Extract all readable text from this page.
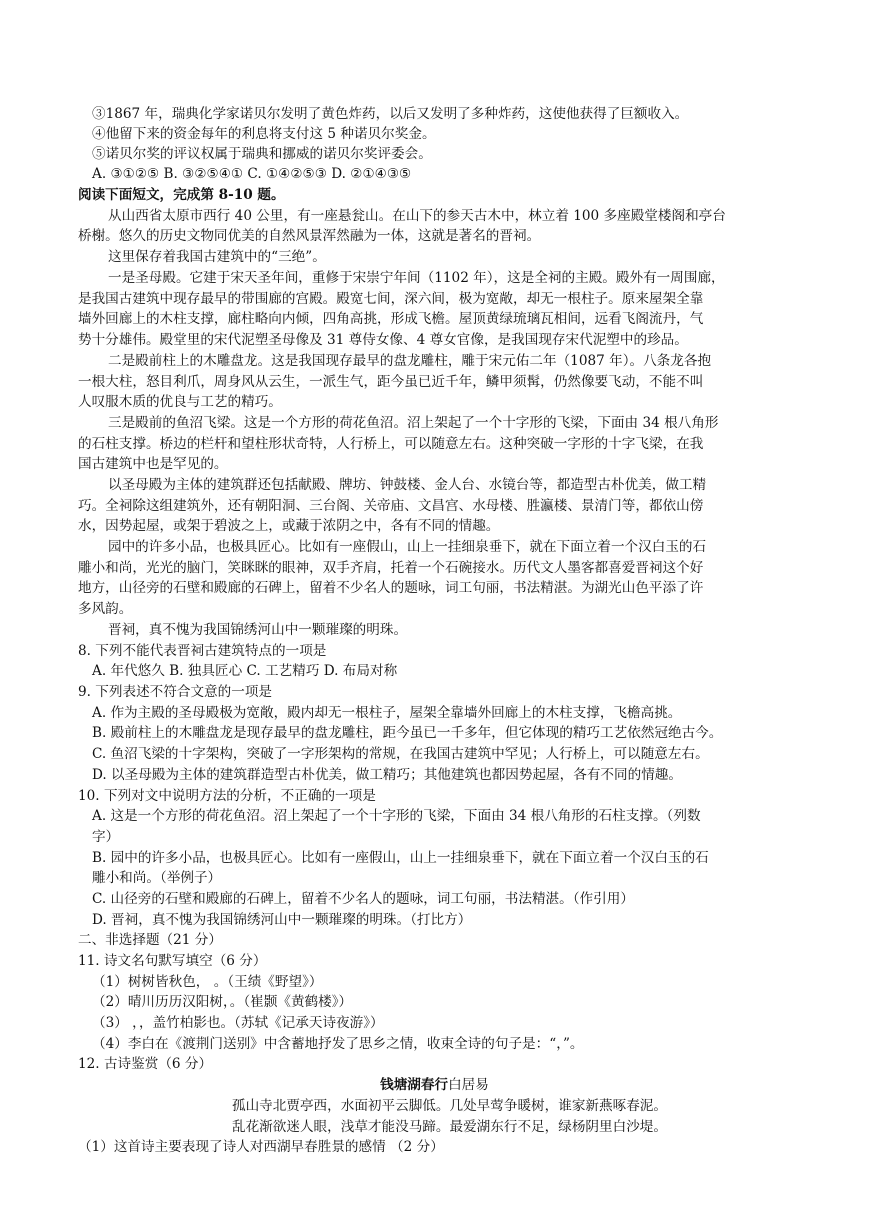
③1867 年，瑞典化学家诺贝尔发明了黄色炸药，以后又发明了多种炸药，这使他获得了巨额收入。
④他留下来的资金每年的利息将支付这 5 种诺贝尔奖金。
⑤诺贝尔奖的评议权属于瑞典和挪威的诺贝尔奖评委会。
A. ③①②⑤ B. ③②⑤④① C. ①④②⑤③ D. ②①④③⑤
阅读下面短文，完成第 8-10 题。
从山西省太原市西行 40 公里，有一座悬瓮山。在山下的参天古木中，林立着 100 多座殿堂楼阁和亭台
桥榭。悠久的历史文物同优美的自然风景浑然融为一体，这就是著名的晋祠。
这里保存着我国古建筑中的“三绝”。
一是圣母殿。它建于宋天圣年间，重修于宋崇宁年间（1102 年），这是全祠的主殿。殿外有一周围廊，
是我国古建筑中现存最早的带围廊的宫殿。殿宽七间，深六间，极为宽敞，却无一根柱子。原来屋架全靠
墙外回廊上的木柱支撑，廊柱略向内倾，四角高挑，形成飞檐。屋顶黄绿琉璃瓦相间，远看飞阁流丹，气
势十分雄伟。殿堂里的宋代泥塑圣母像及 31 尊侍女像、4 尊女官像，是我国现存宋代泥塑中的珍品。
二是殿前柱上的木雕盘龙。这是我国现存最早的盘龙雕柱，雕于宋元佑二年（1087 年）。八条龙各抱
一根大柱，怒目利爪，周身风从云生，一派生气，距今虽已近千年，鳞甲须髯，仍然像要飞动，不能不叫
人叹服木质的优良与工艺的精巧。
三是殿前的鱼沼飞梁。这是一个方形的荷花鱼沼。沼上架起了一个十字形的飞梁，下面由 34 根八角形
的石柱支撑。桥边的栏杆和望柱形状奇特，人行桥上，可以随意左右。这种突破一字形的十字飞梁，在我
国古建筑中也是罕见的。
以圣母殿为主体的建筑群还包括献殿、牌坊、钟鼓楼、金人台、水镜台等，都造型古朴优美，做工精
巧。全祠除这组建筑外，还有朝阳洞、三台阁、关帝庙、文昌宫、水母楼、胜瀛楼、景清门等，都依山傍
水，因势起屋，或架于碧波之上，或藏于浓阴之中，各有不同的情趣。
园中的许多小品，也极具匠心。比如有一座假山，山上一挂细泉垂下，就在下面立着一个汉白玉的石
雕小和尚，光光的脑门，笑眯眯的眼神，双手齐肩，托着一个石碗接水。历代文人墨客都喜爱晋祠这个好
地方，山径旁的石壁和殿廊的石碑上，留着不少名人的题咏，词工句丽，书法精湛。为湖光山色平添了许
多风韵。
晋祠，真不愧为我国锦绣河山中一颗璀璨的明珠。
8. 下列不能代表晋祠古建筑特点的一项是
A. 年代悠久 B. 独具匠心 C. 工艺精巧 D. 布局对称
9. 下列表述不符合文意的一项是
A. 作为主殿的圣母殿极为宽敞，殿内却无一根柱子，屋架全靠墙外回廊上的木柱支撑，飞檐高挑。
B. 殿前柱上的木雕盘龙是现存最早的盘龙雕柱，距今虽已一千多年，但它体现的精巧工艺依然冠绝古今。
C. 鱼沼飞梁的十字架构，突破了一字形架构的常规，在我国古建筑中罕见；人行桥上，可以随意左右。
D. 以圣母殿为主体的建筑群造型古朴优美，做工精巧；其他建筑也都因势起屋，各有不同的情趣。
10. 下列对文中说明方法的分析，不正确的一项是
A. 这是一个方形的荷花鱼沼。沼上架起了一个十字形的飞梁，下面由 34 根八角形的石柱支撑。（列数
字）
B. 园中的许多小品，也极具匠心。比如有一座假山，山上一挂细泉垂下，就在下面立着一个汉白玉的石
雕小和尚。（举例子）
C. 山径旁的石壁和殿廊的石碑上，留着不少名人的题咏，词工句丽，书法精湛。（作引用）
D. 晋祠，真不愧为我国锦绣河山中一颗璀璨的明珠。（打比方）
二、非选择题（21 分）
11. 诗文名句默写填空（6 分）
（1）树树皆秋色， 。（王绩《野望》）
（2）晴川历历汉阳树，。（崔颢《黄鹤楼》）
（3） ，，盖竹柏影也。（苏轼《记承天诗夜游》）
（4）李白在《渡荆门送别》中含蓄地抒发了思乡之情，收束全诗的句子是：“，”。
12. 古诗鉴赏（6 分）
孤山寺北贾亭西，水面初平云脚低。几处早莺争暖树，谁家新燕啄春泥。
乱花渐欲迷人眼，浅草才能没马蹄。最爱湖东行不足，绿杨阴里白沙堤。
（1）这首诗主要表现了诗人对西湖早春胜景的感情 （2 分）
钱塘湖春行白居易
